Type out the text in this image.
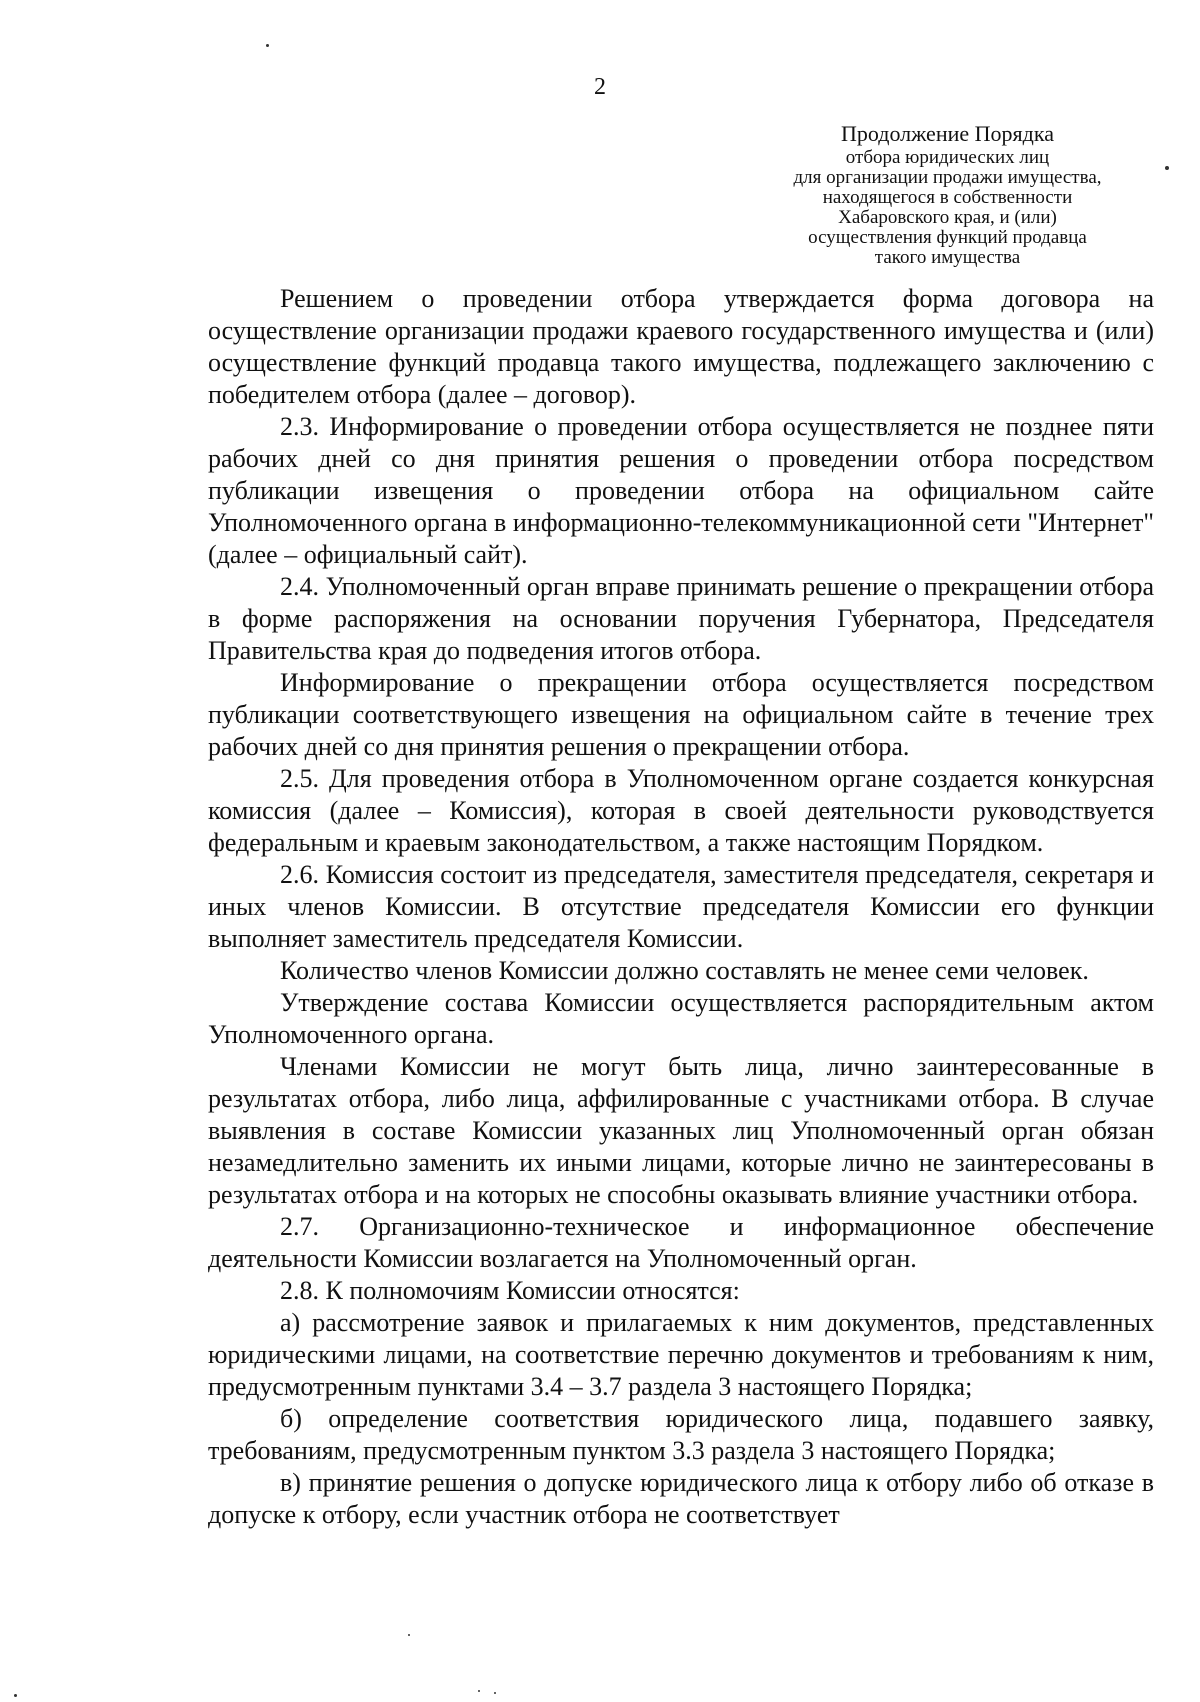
2
Продолжение Порядка
отбора юридических лиц
для организации продажи имущества,
находящегося в собственности
Хабаровского края, и (или)
осуществления функций продавца
такого имущества

Решением о проведении отбора утверждается форма договора на осуществление организации продажи краевого государственного имущества и (или) осуществление функций продавца такого имущества, подлежащего заключению с победителем отбора (далее – договор).

2.3. Информирование о проведении отбора осуществляется не позднее пяти рабочих дней со дня принятия решения о проведении отбора посредством публикации извещения о проведении отбора на официальном сайте Уполномоченного органа в информационно-телекоммуникационной сети "Интернет" (далее – официальный сайт).

2.4. Уполномоченный орган вправе принимать решение о прекращении отбора в форме распоряжения на основании поручения Губернатора, Председателя Правительства края до подведения итогов отбора.

Информирование о прекращении отбора осуществляется посредством публикации соответствующего извещения на официальном сайте в течение трех рабочих дней со дня принятия решения о прекращении отбора.

2.5. Для проведения отбора в Уполномоченном органе создается конкурсная комиссия (далее – Комиссия), которая в своей деятельности руководствуется федеральным и краевым законодательством, а также настоящим Порядком.

2.6. Комиссия состоит из председателя, заместителя председателя, секретаря и иных членов Комиссии. В отсутствие председателя Комиссии его функции выполняет заместитель председателя Комиссии.

Количество членов Комиссии должно составлять не менее семи человек.

Утверждение состава Комиссии осуществляется распорядительным актом Уполномоченного органа.

Членами Комиссии не могут быть лица, лично заинтересованные в результатах отбора, либо лица, аффилированные с участниками отбора. В случае выявления в составе Комиссии указанных лиц Уполномоченный орган обязан незамедлительно заменить их иными лицами, которые лично не заинтересованы в результатах отбора и на которых не способны оказывать влияние участники отбора.

2.7. Организационно-техническое и информационное обеспечение деятельности Комиссии возлагается на Уполномоченный орган.

2.8. К полномочиям Комиссии относятся:

а) рассмотрение заявок и прилагаемых к ним документов, представленных юридическими лицами, на соответствие перечню документов и требованиям к ним, предусмотренным пунктами 3.4 – 3.7 раздела 3 настоящего Порядка;

б) определение соответствия юридического лица, подавшего заявку, требованиям, предусмотренным пунктом 3.3 раздела 3 настоящего Порядка;

в) принятие решения о допуске юридического лица к отбору либо об отказе в допуске к отбору, если участник отбора не соответствует
